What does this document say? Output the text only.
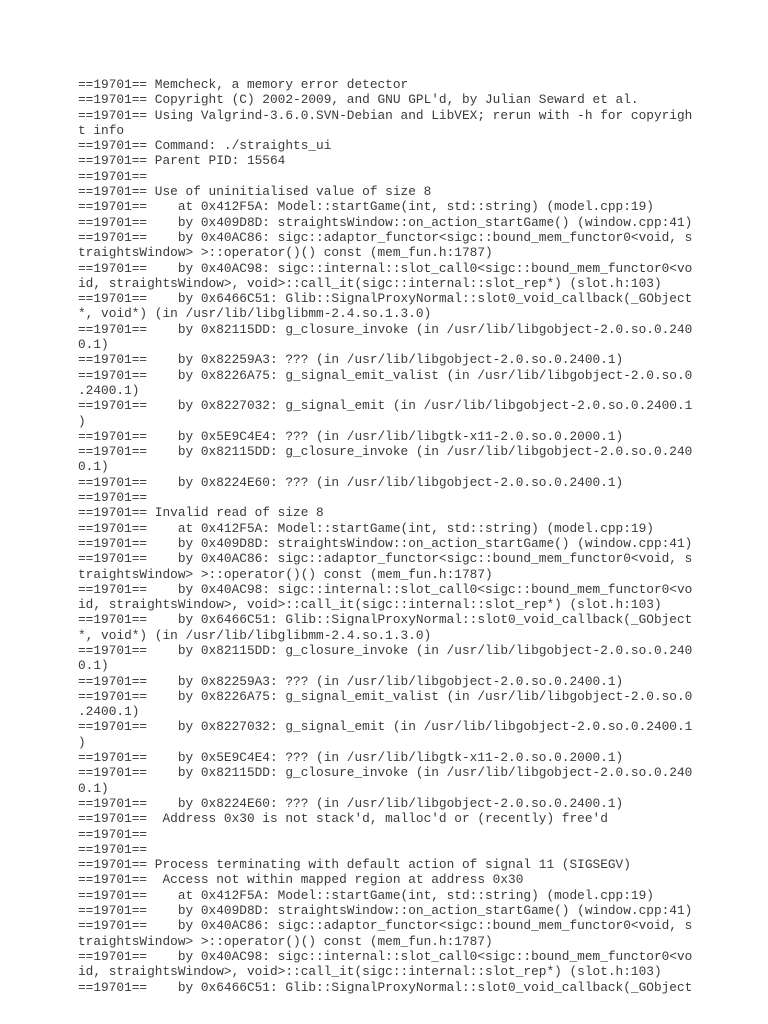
==19701== Memcheck, a memory error detector
==19701== Copyright (C) 2002-2009, and GNU GPL'd, by Julian Seward et al.
==19701== Using Valgrind-3.6.0.SVN-Debian and LibVEX; rerun with -h for copyrigh
t info
==19701== Command: ./straights_ui
==19701== Parent PID: 15564
==19701==
==19701== Use of uninitialised value of size 8
==19701==    at 0x412F5A: Model::startGame(int, std::string) (model.cpp:19)
==19701==    by 0x409D8D: straightsWindow::on_action_startGame() (window.cpp:41)
==19701==    by 0x40AC86: sigc::adaptor_functor<sigc::bound_mem_functor0<void, s
traightsWindow> >::operator()() const (mem_fun.h:1787)
==19701==    by 0x40AC98: sigc::internal::slot_call0<sigc::bound_mem_functor0<vo
id, straightsWindow>, void>::call_it(sigc::internal::slot_rep*) (slot.h:103)
==19701==    by 0x6466C51: Glib::SignalProxyNormal::slot0_void_callback(_GObject
*, void*) (in /usr/lib/libglibmm-2.4.so.1.3.0)
==19701==    by 0x82115DD: g_closure_invoke (in /usr/lib/libgobject-2.0.so.0.240
0.1)
==19701==    by 0x82259A3: ??? (in /usr/lib/libgobject-2.0.so.0.2400.1)
==19701==    by 0x8226A75: g_signal_emit_valist (in /usr/lib/libgobject-2.0.so.0
.2400.1)
==19701==    by 0x8227032: g_signal_emit (in /usr/lib/libgobject-2.0.so.0.2400.1
)
==19701==    by 0x5E9C4E4: ??? (in /usr/lib/libgtk-x11-2.0.so.0.2000.1)
==19701==    by 0x82115DD: g_closure_invoke (in /usr/lib/libgobject-2.0.so.0.240
0.1)
==19701==    by 0x8224E60: ??? (in /usr/lib/libgobject-2.0.so.0.2400.1)
==19701==
==19701== Invalid read of size 8
==19701==    at 0x412F5A: Model::startGame(int, std::string) (model.cpp:19)
==19701==    by 0x409D8D: straightsWindow::on_action_startGame() (window.cpp:41)
==19701==    by 0x40AC86: sigc::adaptor_functor<sigc::bound_mem_functor0<void, s
traightsWindow> >::operator()() const (mem_fun.h:1787)
==19701==    by 0x40AC98: sigc::internal::slot_call0<sigc::bound_mem_functor0<vo
id, straightsWindow>, void>::call_it(sigc::internal::slot_rep*) (slot.h:103)
==19701==    by 0x6466C51: Glib::SignalProxyNormal::slot0_void_callback(_GObject
*, void*) (in /usr/lib/libglibmm-2.4.so.1.3.0)
==19701==    by 0x82115DD: g_closure_invoke (in /usr/lib/libgobject-2.0.so.0.240
0.1)
==19701==    by 0x82259A3: ??? (in /usr/lib/libgobject-2.0.so.0.2400.1)
==19701==    by 0x8226A75: g_signal_emit_valist (in /usr/lib/libgobject-2.0.so.0
.2400.1)
==19701==    by 0x8227032: g_signal_emit (in /usr/lib/libgobject-2.0.so.0.2400.1
)
==19701==    by 0x5E9C4E4: ??? (in /usr/lib/libgtk-x11-2.0.so.0.2000.1)
==19701==    by 0x82115DD: g_closure_invoke (in /usr/lib/libgobject-2.0.so.0.240
0.1)
==19701==    by 0x8224E60: ??? (in /usr/lib/libgobject-2.0.so.0.2400.1)
==19701==  Address 0x30 is not stack'd, malloc'd or (recently) free'd
==19701==
==19701==
==19701== Process terminating with default action of signal 11 (SIGSEGV)
==19701==  Access not within mapped region at address 0x30
==19701==    at 0x412F5A: Model::startGame(int, std::string) (model.cpp:19)
==19701==    by 0x409D8D: straightsWindow::on_action_startGame() (window.cpp:41)
==19701==    by 0x40AC86: sigc::adaptor_functor<sigc::bound_mem_functor0<void, s
traightsWindow> >::operator()() const (mem_fun.h:1787)
==19701==    by 0x40AC98: sigc::internal::slot_call0<sigc::bound_mem_functor0<vo
id, straightsWindow>, void>::call_it(sigc::internal::slot_rep*) (slot.h:103)
==19701==    by 0x6466C51: Glib::SignalProxyNormal::slot0_void_callback(_GObject
